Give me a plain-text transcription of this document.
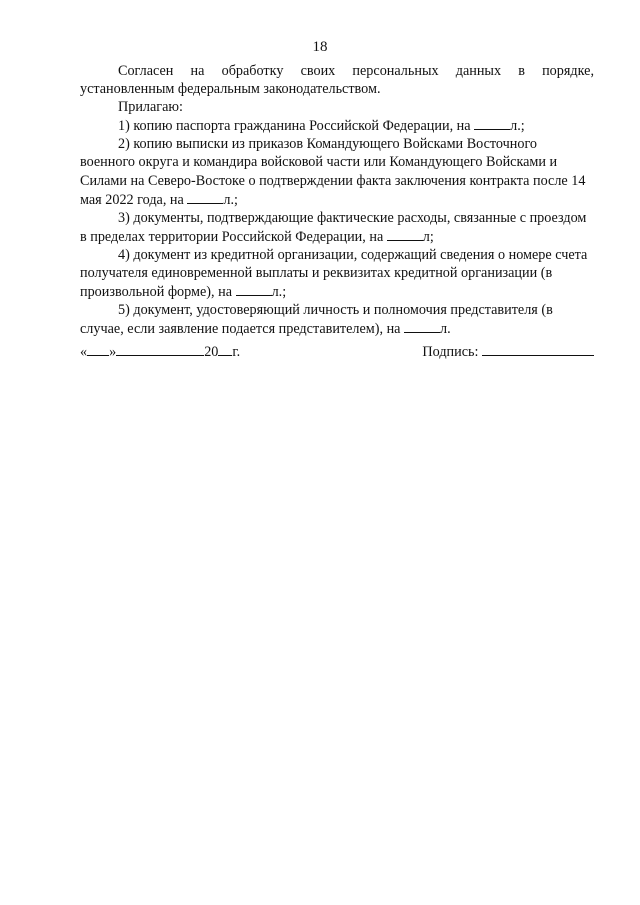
18

Согласен на обработку своих персональных данных в порядке, установленным федеральным законодательством.

Прилагаю:

1) копию паспорта гражданина Российской Федерации, на	л.;

2) копию выписки из приказов Командующего Войсками Восточного военного округа и командира войсковой части или Командующего Войсками и Силами на Северо-Востоке о подтверждении факта заключения контракта после 14 мая 2022 года, на	л.;

3) документы, подтверждающие фактические расходы, связанные с проездом в пределах территории Российской Федерации, на	л;

4) документ из кредитной организации, содержащий сведения о номере счета получателя единовременной выплаты и реквизитах кредитной организации (в произвольной форме), на	л.;

5) документ, удостоверяющий личность и полномочия представителя (в случае, если заявление подается представителем), на	л.

« »	20 г.	Подпись:
